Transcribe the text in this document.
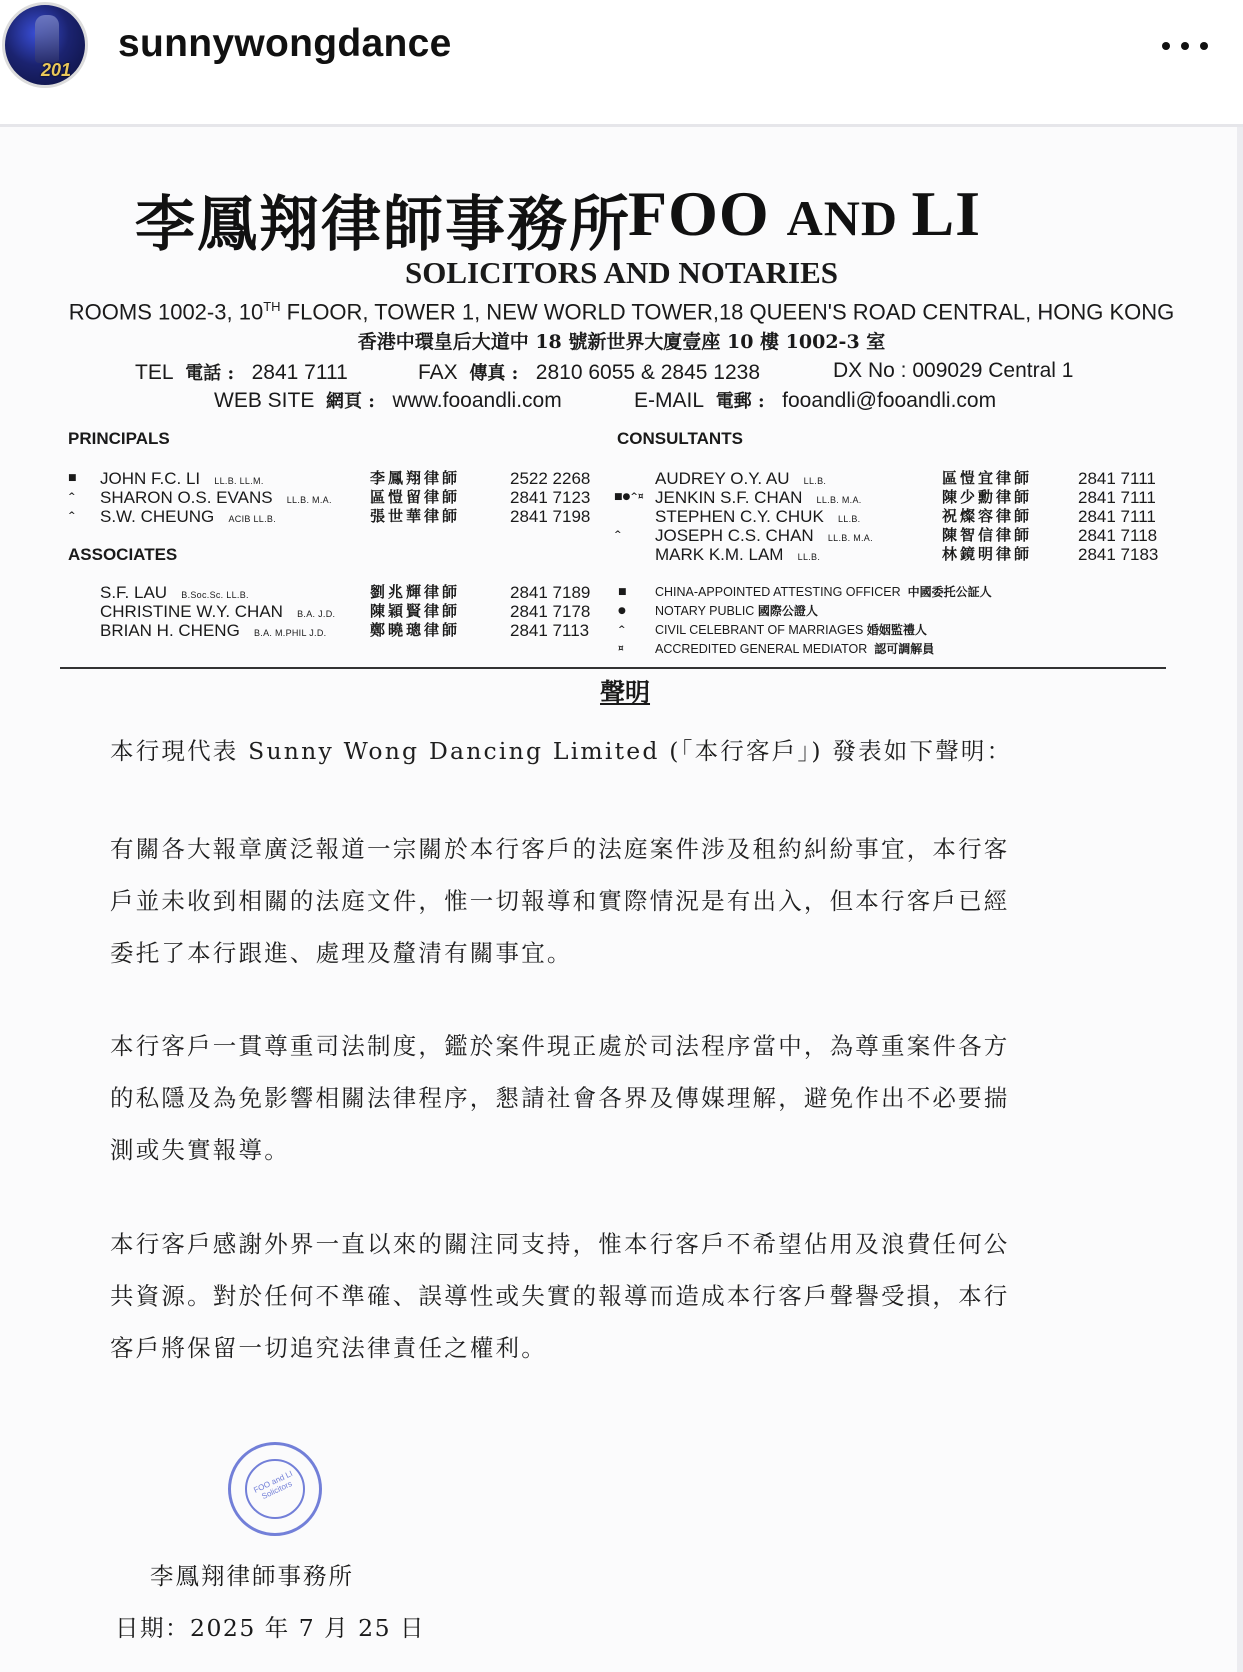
201
sunnywongdance
李鳳翔律師事務所
FOO AND LI
SOLICITORS AND NOTARIES
ROOMS 1002-3, 10TH FLOOR, TOWER 1, NEW WORLD TOWER,18 QUEEN'S ROAD CENTRAL, HONG KONG
香港中環皇后大道中 18 號新世界大廈壹座 10 樓 1002-3 室
TEL 電話 : 2841 7111	FAX 傳真 : 2810 6055 & 2845 1238	DX No : 009029 Central 1
WEB SITE 網頁 : www.fooandli.com	E-MAIL 電郵 : fooandli@fooandli.com
PRINCIPALS
■ JOHN F.C. LI LL.B. LL.M.	李鳳翔律師	2522 2268
^ SHARON O.S. EVANS LL.B. M.A.	區愷留律師	2841 7123
^ S.W. CHEUNG ACIB LL.B.	張世華律師	2841 7198
ASSOCIATES
S.F. LAU B.Soc.Sc. LL.B.	劉兆輝律師	2841 7189
CHRISTINE W.Y. CHAN B.A. J.D. 陳穎賢律師	2841 7178
BRIAN H. CHENG B.A. M.PHIL J.D.	鄭曉璁律師	2841 7113
CONSULTANTS
AUDREY O.Y. AU LL.B.	區愷宜律師	2841 7111
■●^¤ JENKIN S.F. CHAN LL.B. M.A.	陳少勳律師	2841 7111
STEPHEN C.Y. CHUK LL.B.	祝燦容律師	2841 7111
^ JOSEPH C.S. CHAN LL.B. M.A.	陳智信律師	2841 7118
MARK K.M. LAM LL.B.	林鏡明律師	2841 7183
■ CHINA-APPOINTED ATTESTING OFFICER 中國委托公証人
● NOTARY PUBLIC 國際公證人
^ CIVIL CELEBRANT OF MARRIAGES 婚姻監禮人
¤	ACCREDITED GENERAL MEDIATOR 認可調解員
聲明
本行現代表 Sunny Wong Dancing Limited (「本行客戶」) 發表如下聲明：
有關各大報章廣泛報道一宗關於本行客戶的法庭案件涉及租約糾紛事宜，本行客
戶並未收到相關的法庭文件，惟一切報導和實際情況是有出入，但本行客戶已經
委托了本行跟進、處理及釐清有關事宜。
本行客戶一貫尊重司法制度，鑑於案件現正處於司法程序當中，為尊重案件各方
的私隱及為免影響相關法律程序，懇請社會各界及傳媒理解，避免作出不必要揣
測或失實報導。
本行客戶感謝外界一直以來的關注同支持，惟本行客戶不希望佔用及浪費任何公
共資源。對於任何不準確、誤導性或失實的報導而造成本行客戶聲譽受損，本行
客戶將保留一切追究法律責任之權利。
FOO and LI Solicitors
李鳳翔律師事務所
日期：2025 年 7 月 25 日
